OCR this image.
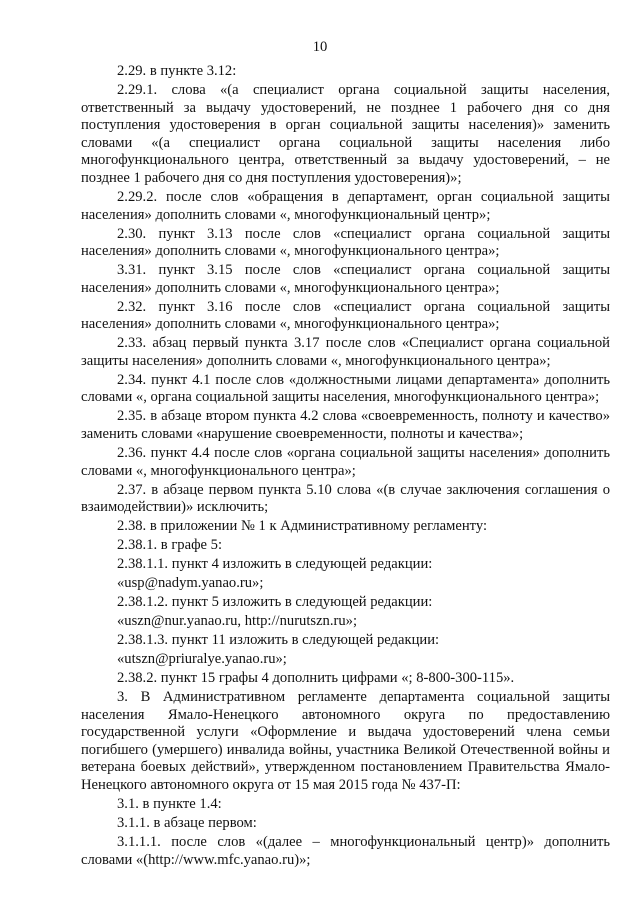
10

2.29. в пункте 3.12:

2.29.1. слова «(а специалист органа социальной защиты населения, ответственный за выдачу удостоверений, не позднее 1 рабочего дня со дня поступления удостоверения в орган социальной защиты населения)» заменить словами «(а специалист органа социальной защиты населения либо многофункционального центра, ответственный за выдачу удостоверений, – не позднее 1 рабочего дня со дня поступления удостоверения)»;

2.29.2. после слов «обращения в департамент, орган социальной защиты населения» дополнить словами «, многофункциональный центр»;

2.30. пункт 3.13 после слов «специалист органа социальной защиты населения» дополнить словами «, многофункционального центра»;

3.31. пункт 3.15 после слов «специалист органа социальной защиты населения» дополнить словами «, многофункционального центра»;

2.32. пункт 3.16 после слов «специалист органа социальной защиты населения» дополнить словами «, многофункционального центра»;

2.33. абзац первый пункта 3.17 после слов «Специалист органа социальной защиты населения» дополнить словами «, многофункционального центра»;

2.34. пункт 4.1 после слов «должностными лицами департамента» дополнить словами «, органа социальной защиты населения, многофункционального центра»;

2.35. в абзаце втором пункта 4.2 слова «своевременность, полноту и качество» заменить словами «нарушение своевременности, полноты и качества»;

2.36. пункт 4.4 после слов «органа социальной защиты населения» дополнить словами «, многофункционального центра»;

2.37. в абзаце первом пункта 5.10 слова «(в случае заключения соглашения о взаимодействии)» исключить;

2.38. в приложении № 1 к Административному регламенту:

2.38.1. в графе 5:

2.38.1.1. пункт 4 изложить в следующей редакции:

«usp@nadym.yanao.ru»;

2.38.1.2. пункт 5 изложить в следующей редакции:

«uszn@nur.yanao.ru, http://nurutszn.ru»;

2.38.1.3. пункт 11 изложить в следующей редакции:

«utszn@priuralye.yanao.ru»;

2.38.2. пункт 15 графы 4 дополнить цифрами «; 8-800-300-115».

3. В Административном регламенте департамента социальной защиты населения Ямало-Ненецкого автономного округа по предоставлению государственной услуги «Оформление и выдача удостоверений члена семьи погибшего (умершего) инвалида войны, участника Великой Отечественной войны и ветерана боевых действий», утвержденном постановлением Правительства Ямало-Ненецкого автономного округа от 15 мая 2015 года № 437-П:

3.1. в пункте 1.4:

3.1.1. в абзаце первом:

3.1.1.1. после слов «(далее – многофункциональный центр)» дополнить словами «(http://www.mfc.yanao.ru)»;
